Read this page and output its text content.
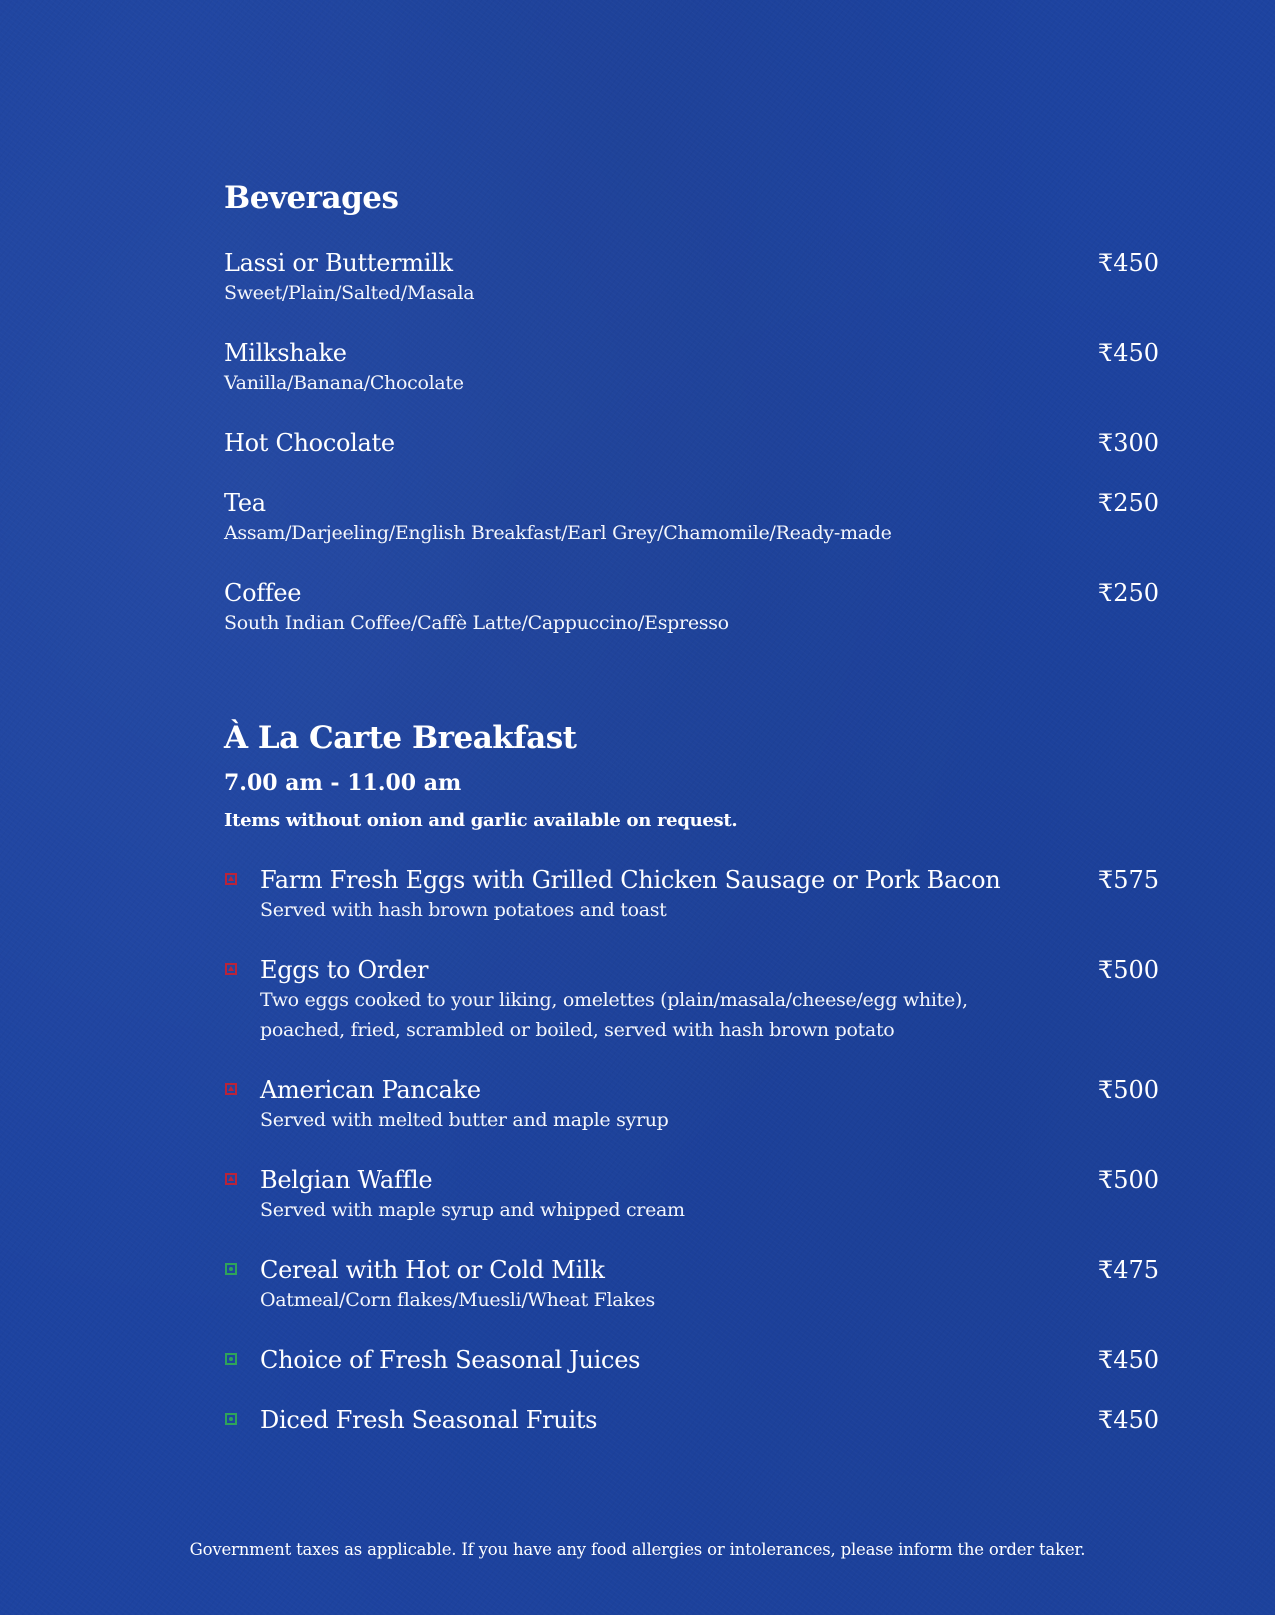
Beverages
Lassi or Buttermilk
Sweet/Plain/Salted/Masala
₹450
Milkshake
Vanilla/Banana/Chocolate
₹450
Hot Chocolate	₹300
Tea
Assam/Darjeeling/English Breakfast/Earl Grey/Chamomile/Ready-made
₹250
Coffee
South Indian Coffee/Caffè Latte/Cappuccino/Espresso
₹250
À La Carte Breakfast
7.00 am - 11.00 am
Items without onion and garlic available on request.
Farm Fresh Eggs with Grilled Chicken Sausage or Pork Bacon
Served with hash brown potatoes and toast
₹575
Eggs to Order
Two eggs cooked to your liking, omelettes (plain/masala/cheese/egg white),
poached, fried, scrambled or boiled, served with hash brown potato
₹500
American Pancake
Served with melted butter and maple syrup
₹500
Belgian Waffle
Served with maple syrup and whipped cream
₹500
Cereal with Hot or Cold Milk
Oatmeal/Corn flakes/Muesli/Wheat Flakes
₹475
Choice of Fresh Seasonal Juices	₹450
Diced Fresh Seasonal Fruits	₹450
Government taxes as applicable. If you have any food allergies or intolerances, please inform the order taker.
